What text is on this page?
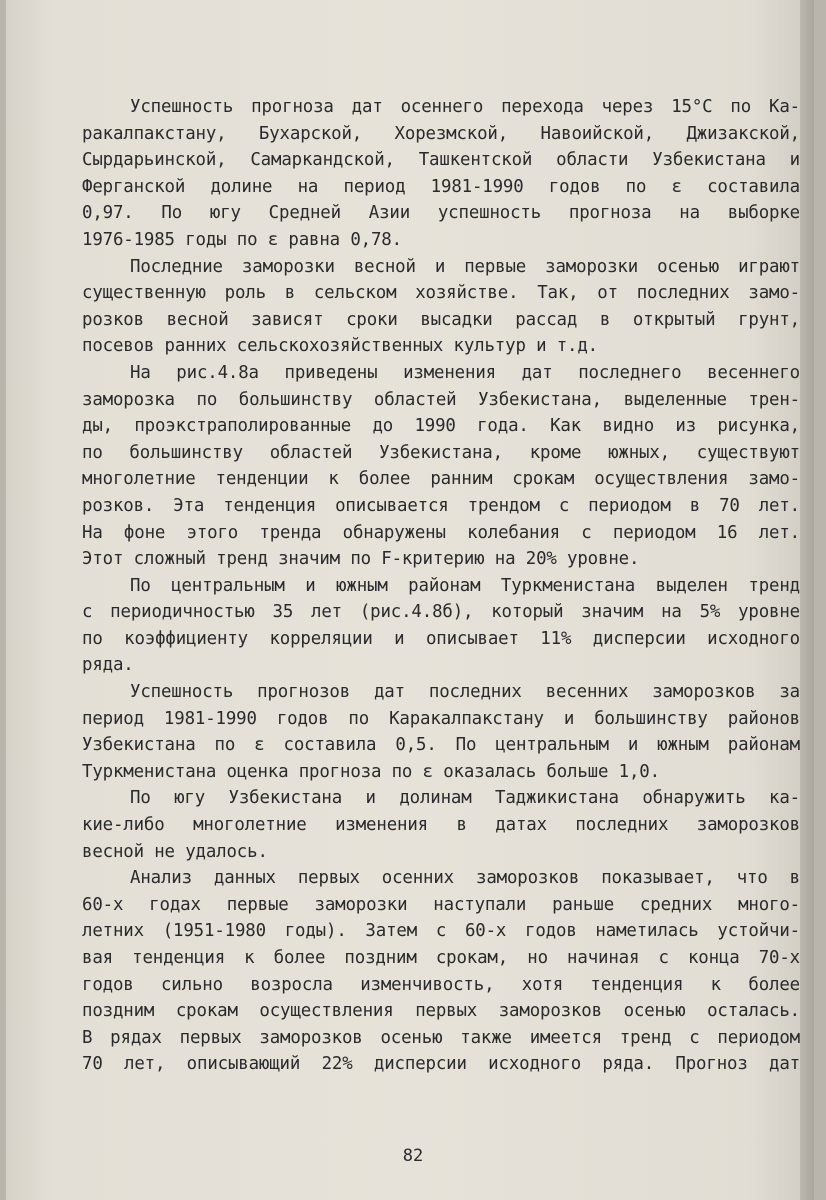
Успешность прогноза дат осеннего перехода через 15°С по Ка-
ракалпакстану, Бухарской, Хорезмской, Навоийской, Джизакской,
Сырдарьинской, Самаркандской, Ташкентской области Узбекистана и
Ферганской долине на период 1981-1990 годов по ε составила
0,97. По югу Средней Азии успешность прогноза на выборке
1976-1985 годы по ε равна 0,78.
Последние заморозки весной и первые заморозки осенью играют
существенную роль в сельском хозяйстве. Так, от последних замо-
розков весной зависят сроки высадки рассад в открытый грунт,
посевов ранних сельскохозяйственных культур и т.д.
На рис.4.8а приведены изменения дат последнего весеннего
заморозка по большинству областей Узбекистана, выделенные трен-
ды, проэкстраполированные до 1990 года. Как видно из рисунка,
по большинству областей Узбекистана, кроме южных, существуют
многолетние тенденции к более ранним срокам осуществления замо-
розков. Эта тенденция описывается трендом с периодом в 70 лет.
На фоне этого тренда обнаружены колебания с периодом 16 лет.
Этот сложный тренд значим по F-критерию на 20% уровне.
По центральным и южным районам Туркменистана выделен тренд
с периодичностью 35 лет (рис.4.8б), который значим на 5% уровне
по коэффициенту корреляции и описывает 11% дисперсии исходного
ряда.
Успешность прогнозов дат последних весенних заморозков за
период 1981-1990 годов по Каракалпакстану и большинству районов
Узбекистана по ε составила 0,5. По центральным и южным районам
Туркменистана оценка прогноза по ε оказалась больше 1,0.
По югу Узбекистана и долинам Таджикистана обнаружить ка-
кие-либо многолетние изменения в датах последних заморозков
весной не удалось.
Анализ данных первых осенних заморозков показывает, что в
60-х годах первые заморозки наступали раньше средних много-
летних (1951-1980 годы). Затем с 60-х годов наметилась устойчи-
вая тенденция к более поздним срокам, но начиная с конца 70-х
годов сильно возросла изменчивость, хотя тенденция к более
поздним срокам осуществления первых заморозков осенью осталась.
В рядах первых заморозков осенью также имеется тренд с периодом
70 лет, описывающий 22% дисперсии исходного ряда. Прогноз дат
82
